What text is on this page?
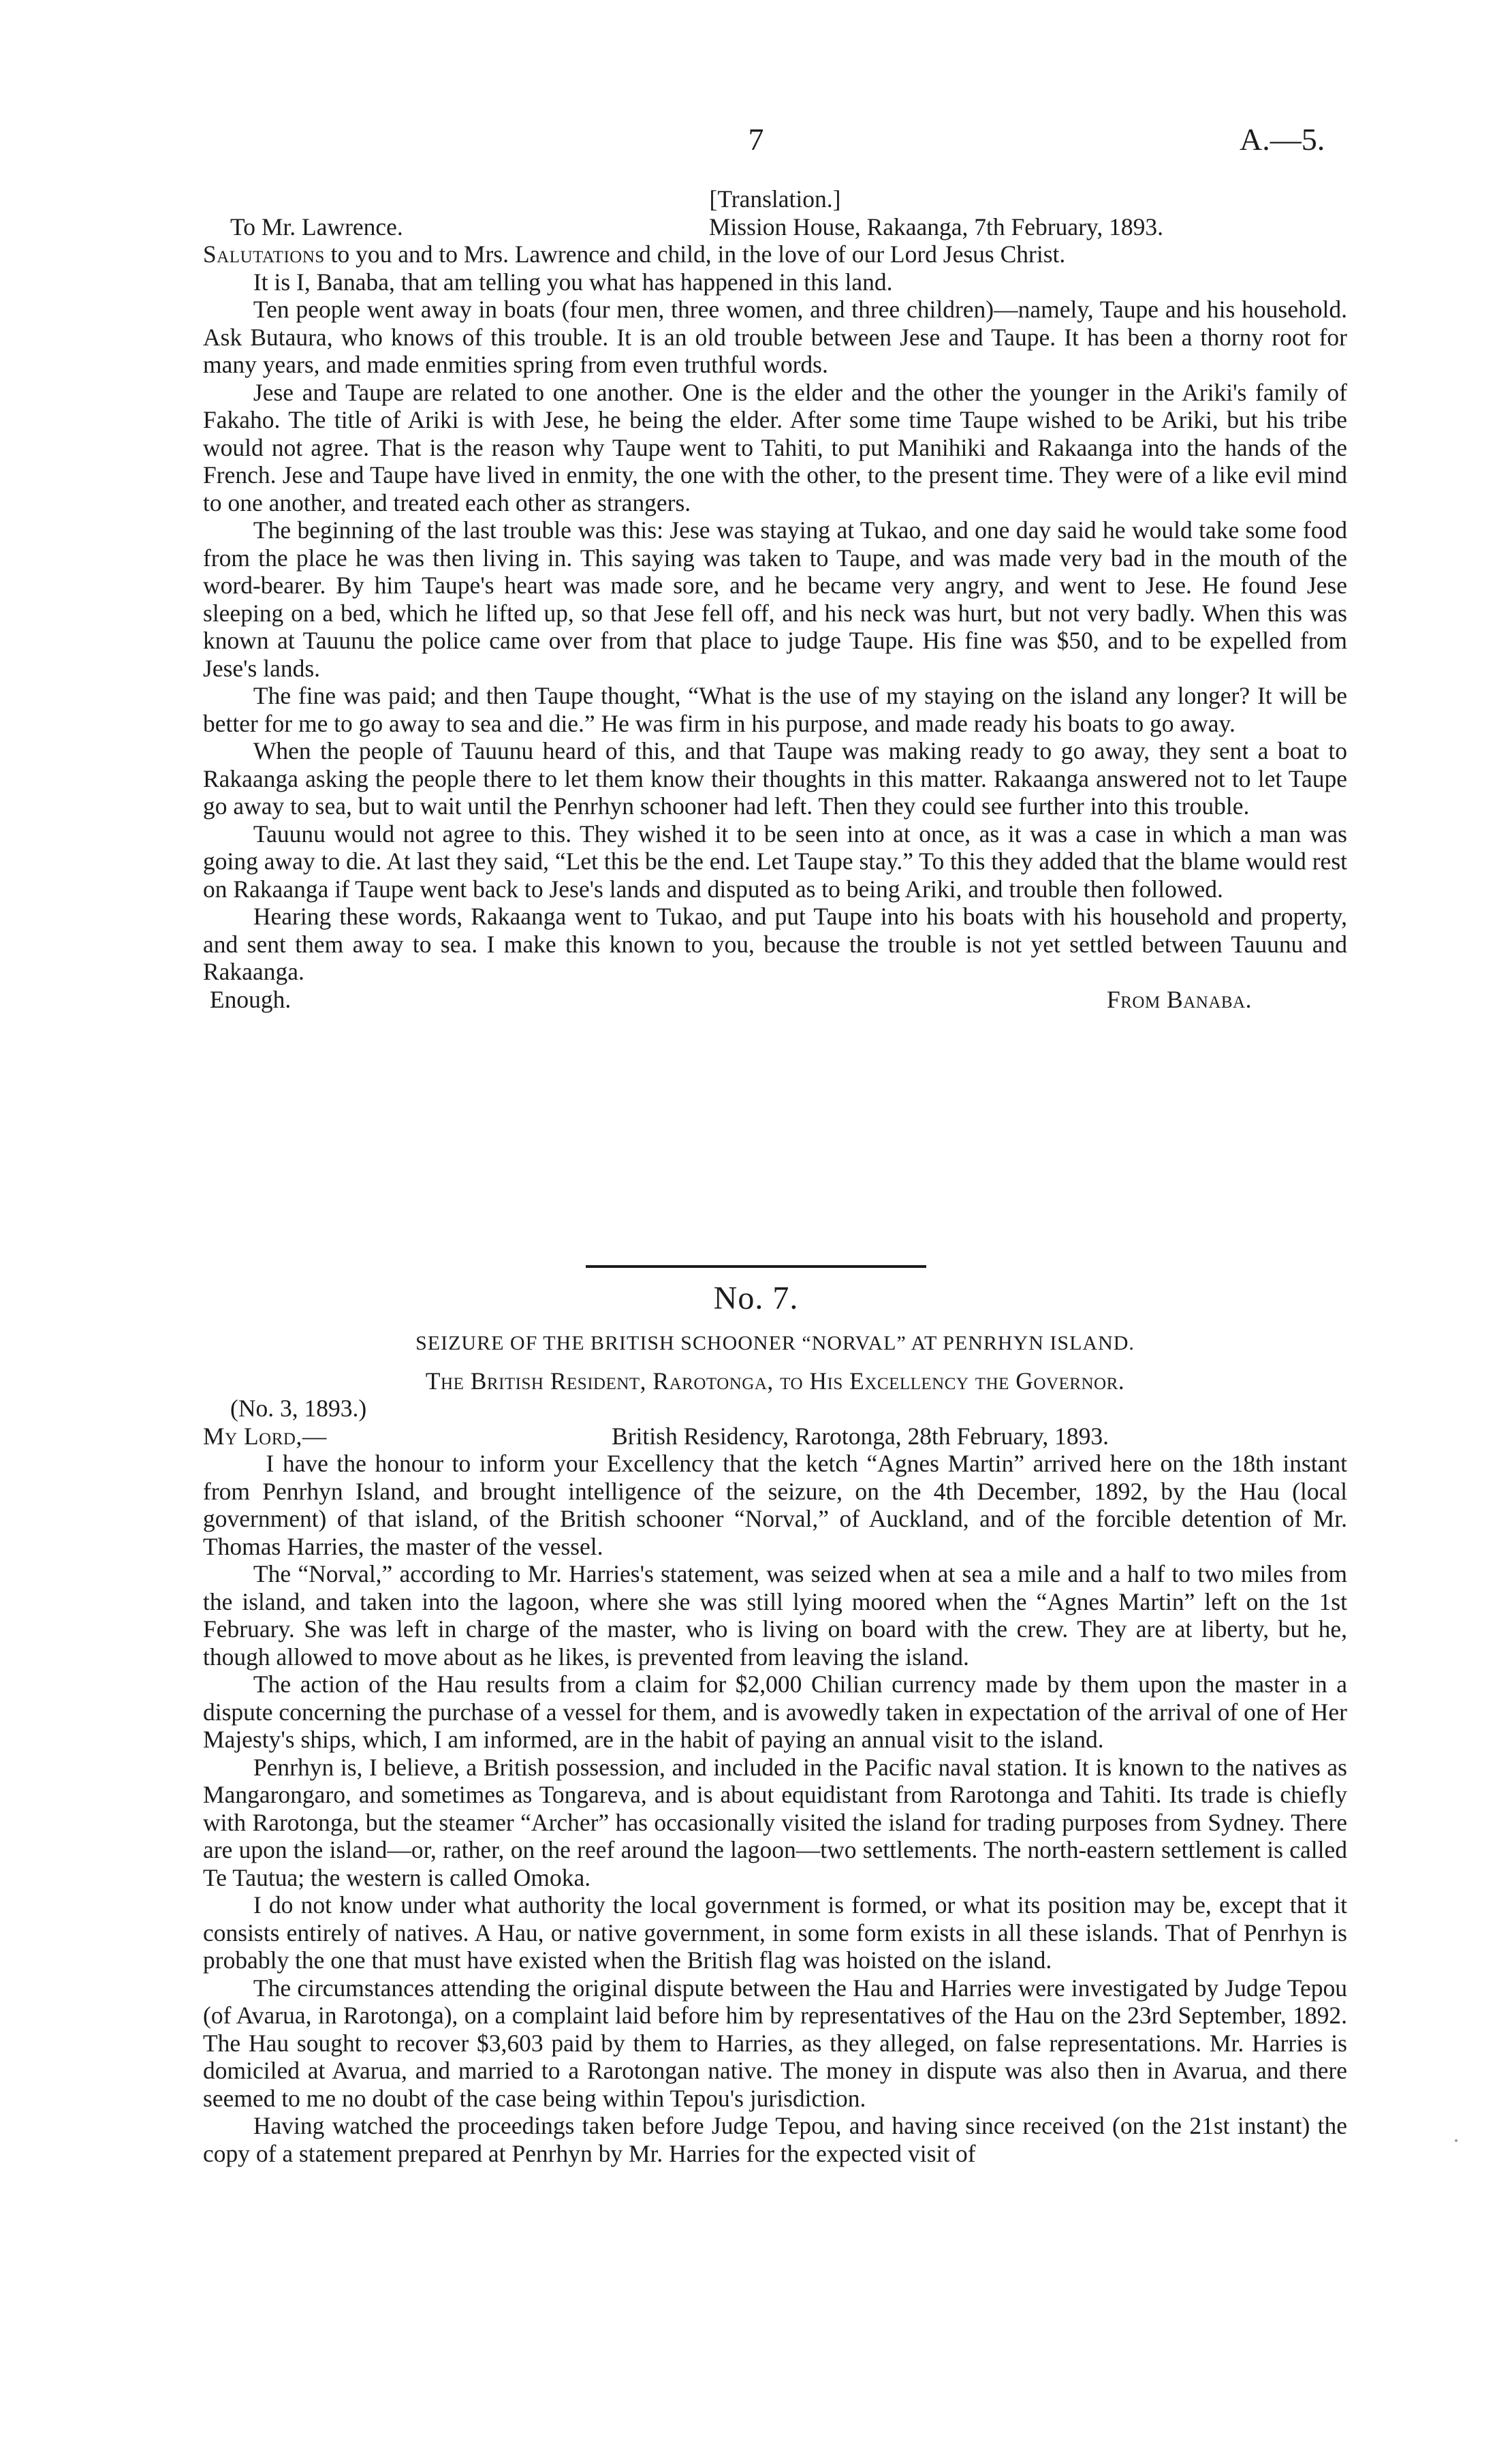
7	A.—5.
[Translation.]
To Mr. Lawrence.	Mission House, Rakaanga, 7th February, 1893.

Salutations to you and to Mrs. Lawrence and child, in the love of our Lord Jesus Christ.

It is I, Banaba, that am telling you what has happened in this land.

Ten people went away in boats (four men, three women, and three children)—namely, Taupe and his household. Ask Butaura, who knows of this trouble. It is an old trouble between Jese and Taupe. It has been a thorny root for many years, and made enmities spring from even truthful words.

Jese and Taupe are related to one another. One is the elder and the other the younger in the Ariki's family of Fakaho. The title of Ariki is with Jese, he being the elder. After some time Taupe wished to be Ariki, but his tribe would not agree. That is the reason why Taupe went to Tahiti, to put Manihiki and Rakaanga into the hands of the French. Jese and Taupe have lived in enmity, the one with the other, to the present time. They were of a like evil mind to one another, and treated each other as strangers.

The beginning of the last trouble was this: Jese was staying at Tukao, and one day said he would take some food from the place he was then living in. This saying was taken to Taupe, and was made very bad in the mouth of the word-bearer. By him Taupe's heart was made sore, and he became very angry, and went to Jese. He found Jese sleeping on a bed, which he lifted up, so that Jese fell off, and his neck was hurt, but not very badly. When this was known at Tauunu the police came over from that place to judge Taupe. His fine was $50, and to be expelled from Jese's lands.

The fine was paid; and then Taupe thought, “What is the use of my staying on the island any longer? It will be better for me to go away to sea and die.” He was firm in his purpose, and made ready his boats to go away.

When the people of Tauunu heard of this, and that Taupe was making ready to go away, they sent a boat to Rakaanga asking the people there to let them know their thoughts in this matter. Rakaanga answered not to let Taupe go away to sea, but to wait until the Penrhyn schooner had left. Then they could see further into this trouble.

Tauunu would not agree to this. They wished it to be seen into at once, as it was a case in which a man was going away to die. At last they said, “Let this be the end. Let Taupe stay.” To this they added that the blame would rest on Rakaanga if Taupe went back to Jese's lands and disputed as to being Ariki, and trouble then followed.

Hearing these words, Rakaanga went to Tukao, and put Taupe into his boats with his household and property, and sent them away to sea. I make this known to you, because the trouble is not yet settled between Tauunu and Rakaanga.

Enough.	From Banaba.
No. 7.
SEIZURE OF THE BRITISH SCHOONER “NORVAL” AT PENRHYN ISLAND.
The British Resident, Rarotonga, to His Excellency the Governor.
(No. 3, 1893.)
My Lord,—	British Residency, Rarotonga, 28th February, 1893.

I have the honour to inform your Excellency that the ketch “Agnes Martin” arrived here on the 18th instant from Penrhyn Island, and brought intelligence of the seizure, on the 4th December, 1892, by the Hau (local government) of that island, of the British schooner “Norval,” of Auckland, and of the forcible detention of Mr. Thomas Harries, the master of the vessel.

The “Norval,” according to Mr. Harries's statement, was seized when at sea a mile and a half to two miles from the island, and taken into the lagoon, where she was still lying moored when the “Agnes Martin” left on the 1st February. She was left in charge of the master, who is living on board with the crew. They are at liberty, but he, though allowed to move about as he likes, is prevented from leaving the island.

The action of the Hau results from a claim for $2,000 Chilian currency made by them upon the master in a dispute concerning the purchase of a vessel for them, and is avowedly taken in expectation of the arrival of one of Her Majesty's ships, which, I am informed, are in the habit of paying an annual visit to the island.

Penrhyn is, I believe, a British possession, and included in the Pacific naval station. It is known to the natives as Mangarongaro, and sometimes as Tongareva, and is about equidistant from Rarotonga and Tahiti. Its trade is chiefly with Rarotonga, but the steamer “Archer” has occasionally visited the island for trading purposes from Sydney. There are upon the island—or, rather, on the reef around the lagoon—two settlements. The north-eastern settlement is called Te Tautua; the western is called Omoka.

I do not know under what authority the local government is formed, or what its position may be, except that it consists entirely of natives. A Hau, or native government, in some form exists in all these islands. That of Penrhyn is probably the one that must have existed when the British flag was hoisted on the island.

The circumstances attending the original dispute between the Hau and Harries were investigated by Judge Tepou (of Avarua, in Rarotonga), on a complaint laid before him by representatives of the Hau on the 23rd September, 1892. The Hau sought to recover $3,603 paid by them to Harries, as they alleged, on false representations. Mr. Harries is domiciled at Avarua, and married to a Rarotongan native. The money in dispute was also then in Avarua, and there seemed to me no doubt of the case being within Tepou's jurisdiction.

Having watched the proceedings taken before Judge Tepou, and having since received (on the 21st instant) the copy of a statement prepared at Penrhyn by Mr. Harries for the expected visit of
